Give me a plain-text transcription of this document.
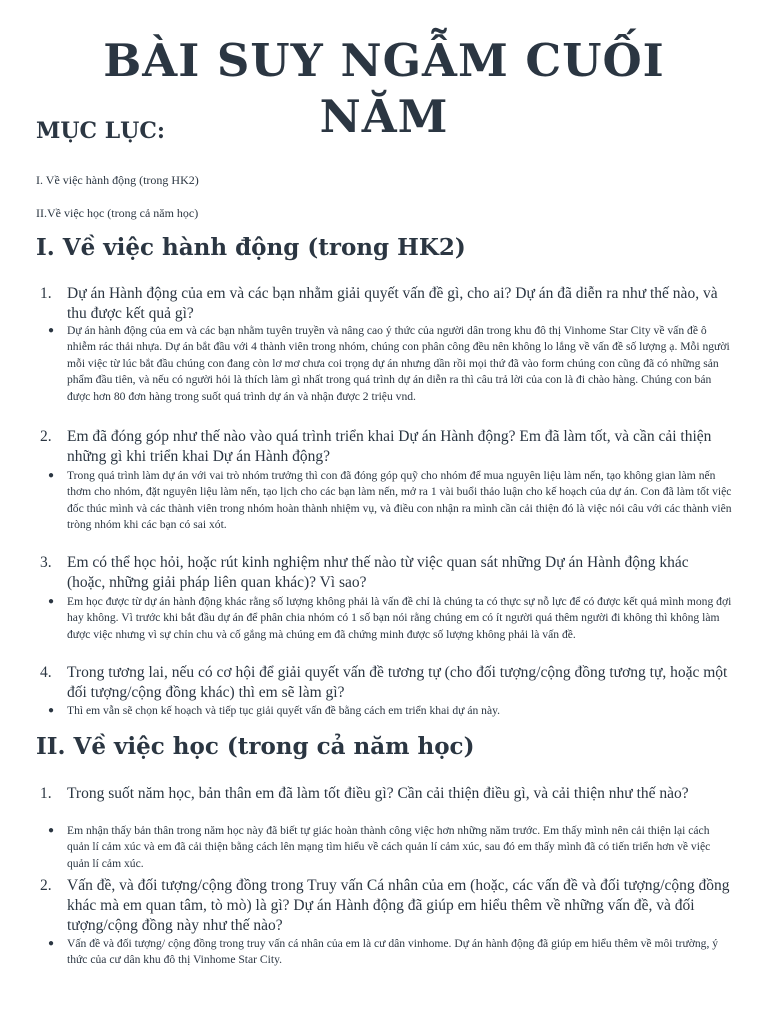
BÀI SUY NGẪM CUỐI NĂM
MỤC LỤC:
I. Về việc hành động (trong HK2)
II.Về việc học (trong cả năm học)
I. Về việc hành động (trong HK2)
1. Dự án Hành động của em và các bạn nhằm giải quyết vấn đề gì, cho ai? Dự án đã diễn ra như thế nào, và thu được kết quả gì?
● Dự án hành động của em và các bạn nhằm tuyên truyền và nâng cao ý thức của người dân trong khu đô thị Vinhome Star City về vấn đề ô nhiễm rác thải nhựa. Dự án bắt đầu với 4 thành viên trong nhóm, chúng con phân công đều nên không lo lắng về vấn đề số lượng ạ. Mỗi người mỗi việc từ lúc bắt đầu chúng con đang còn lơ mơ chưa coi trọng dự án nhưng dần rồi mọi thứ đã vào form chúng con cũng đã có những sản phẩm đầu tiên, và nếu có người hỏi là thích làm gì nhất trong quá trình dự án diễn ra thì câu trả lời của con là đi chào hàng. Chúng con bán được hơn 80 đơn hàng trong suốt quá trình dự án và nhận được 2 triệu vnd.
2. Em đã đóng góp như thế nào vào quá trình triển khai Dự án Hành động? Em đã làm tốt, và cần cải thiện những gì khi triển khai Dự án Hành động?
● Trong quá trình làm dự án với vai trò nhóm trưởng thì con đã đóng góp quỹ cho nhóm để mua nguyên liệu làm nến, tạo không gian làm nến thơm cho nhóm, đặt nguyên liệu làm nến, tạo lịch cho các bạn làm nến, mở ra 1 vài buổi thảo luận cho kế hoạch của dự án. Con đã làm tốt việc đốc thúc mình và các thành viên trong nhóm hoàn thành nhiệm vụ, và điều con nhận ra mình cần cải thiện đó là việc nói câu với các thành viên tròng nhóm khi các bạn có sai xót.
3. Em có thể học hỏi, hoặc rút kinh nghiệm như thế nào từ việc quan sát những Dự án Hành động khác (hoặc, những giải pháp liên quan khác)? Vì sao?
● Em học được từ dự án hành động khác rằng số lượng không phải là vấn đề chỉ là chúng ta có thực sự nỗ lực để có được kết quả mình mong đợi hay không. Vì trước khi bắt đầu dự án để phân chia nhóm có 1 số bạn nói rằng chúng em có ít người quá thêm người đi không thì không làm được việc nhưng vì sự chỉn chu và cố gắng mà chúng em đã chứng minh được số lượng không phải là vấn đề.
4. Trong tương lai, nếu có cơ hội để giải quyết vấn đề tương tự (cho đối tượng/cộng đồng tương tự, hoặc một đối tượng/cộng đồng khác) thì em sẽ làm gì?
● Thì em vẫn sẽ chọn kế hoạch và tiếp tục giải quyết vấn đề bằng cách em triển khai dự án này.
II. Về việc học (trong cả năm học)
1. Trong suốt năm học, bản thân em đã làm tốt điều gì? Cần cải thiện điều gì, và cải thiện như thế nào?
● Em nhận thấy bản thân trong năm học này đã biết tự giác hoàn thành công việc hơn những năm trước. Em thấy mình nên cải thiện lại cách quản lí cảm xúc và em đã cải thiện bằng cách lên mạng tìm hiểu về cách quản lí cảm xúc, sau đó em thấy mình đã có tiến triển hơn về việc quản lí cảm xúc.
2. Vấn đề, và đối tượng/cộng đồng trong Truy vấn Cá nhân của em (hoặc, các vấn đề và đối tượng/cộng đồng khác mà em quan tâm, tò mò) là gì? Dự án Hành động đã giúp em hiểu thêm về những vấn đề, và đối tượng/cộng đồng này như thế nào?
● Vấn đề và đối tượng/ cộng đồng trong truy vấn cá nhân của em là cư dân vinhome. Dự án hành động đã giúp em hiểu thêm về môi trường, ý thức của cư dân khu đô thị Vinhome Star City.
